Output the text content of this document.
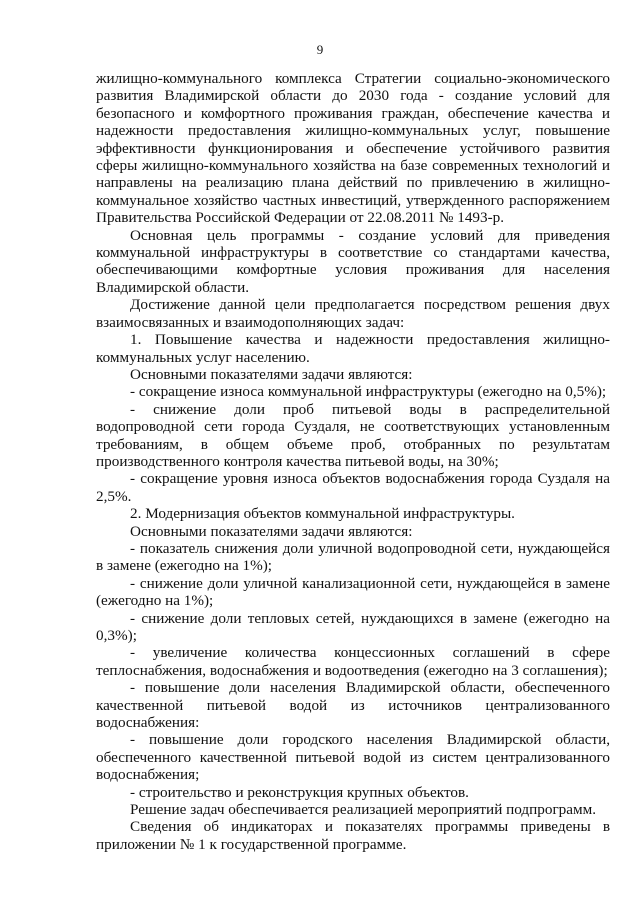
9

жилищно-коммунального комплекса Стратегии социально-экономического развития Владимирской области до 2030 года - создание условий для безопасного и комфортного проживания граждан, обеспечение качества и надежности предоставления жилищно-коммунальных услуг, повышение эффективности функционирования и обеспечение устойчивого развития сферы жилищно-коммунального хозяйства на базе современных технологий и направлены на реализацию плана действий по привлечению в жилищно-коммунальное хозяйство частных инвестиций, утвержденного распоряжением Правительства Российской Федерации от 22.08.2011 № 1493-р.

Основная цель программы - создание условий для приведения коммунальной инфраструктуры в соответствие со стандартами качества, обеспечивающими комфортные условия проживания для населения Владимирской области.

Достижение данной цели предполагается посредством решения двух взаимосвязанных и взаимодополняющих задач:

1. Повышение качества и надежности предоставления жилищно-коммунальных услуг населению.

Основными показателями задачи являются:

- сокращение износа коммунальной инфраструктуры (ежегодно на 0,5%);

- снижение доли проб питьевой воды в распределительной водопроводной сети города Суздаля, не соответствующих установленным требованиям, в общем объеме проб, отобранных по результатам производственного контроля качества питьевой воды, на 30%;

- сокращение уровня износа объектов водоснабжения города Суздаля на 2,5%.

2. Модернизация объектов коммунальной инфраструктуры.

Основными показателями задачи являются:

- показатель снижения доли уличной водопроводной сети, нуждающейся в замене (ежегодно на 1%);

- снижение доли уличной канализационной сети, нуждающейся в замене (ежегодно на 1%);

- снижение доли тепловых сетей, нуждающихся в замене (ежегодно на 0,3%);

- увеличение количества концессионных соглашений в сфере теплоснабжения, водоснабжения и водоотведения (ежегодно на 3 соглашения);

- повышение доли населения Владимирской области, обеспеченного качественной питьевой водой из источников централизованного водоснабжения:

- повышение доли городского населения Владимирской области, обеспеченного качественной питьевой водой из систем централизованного водоснабжения;

- строительство и реконструкция крупных объектов.

Решение задач обеспечивается реализацией мероприятий подпрограмм.

Сведения об индикаторах и показателях программы приведены в приложении № 1 к государственной программе.
